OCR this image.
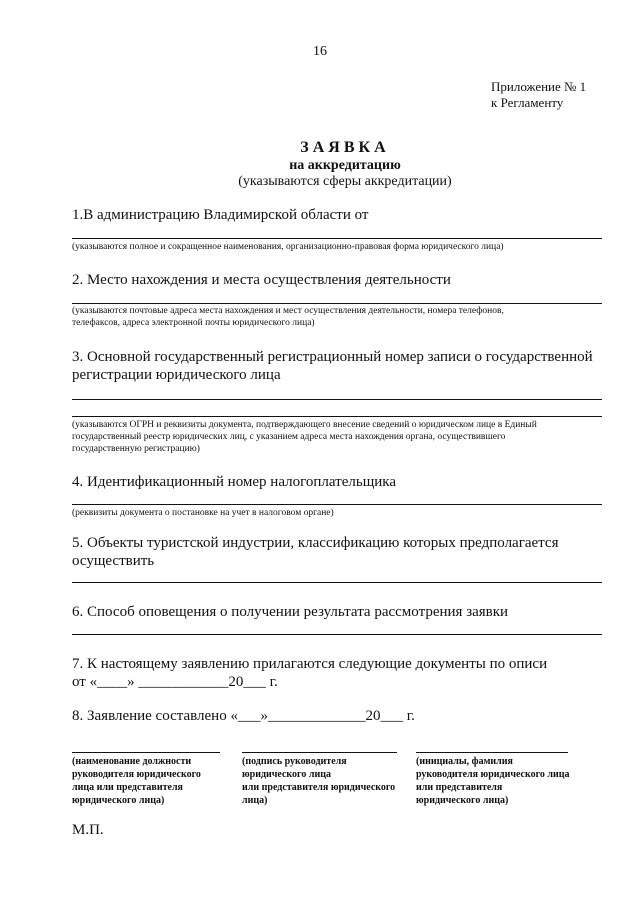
16
Приложение № 1
к Регламенту
ЗАЯВКА
на аккредитацию
(указываются сферы аккредитации)
1.В администрацию Владимирской области от
(указываются полное и сокращенное наименования, организационно-правовая форма юридического лица)
2. Место нахождения и места осуществления деятельности
(указываются почтовые адреса места нахождения и мест осуществления деятельности, номера телефонов,
телефаксов, адреса электронной почты юридического лица)
3. Основной государственный регистрационный номер записи о государственной
регистрации юридического лица
(указываются ОГРН и реквизиты документа, подтверждающего внесение сведений о юридическом лице в Единый
государственный реестр юридических лиц, с указанием адреса места нахождения органа, осуществившего
государственную регистрацию)
4. Идентификационный номер налогоплательщика
(реквизиты документа о постановке на учет в налоговом органе)
5. Объекты туристской индустрии, классификацию которых предполагается
осуществить
6. Способ оповещения о получении результата рассмотрения заявки
7. К настоящему заявлению прилагаются следующие документы по описи
от «____» ____________20___ г.
8. Заявление составлено «___»_____________20___ г.
(наименование должности
руководителя юридического
лица или представителя
юридического лица)
(подпись руководителя
юридического лица
или представителя юридического
лица)
(инициалы, фамилия
руководителя юридического лица
или представителя
юридического лица)
М.П.
